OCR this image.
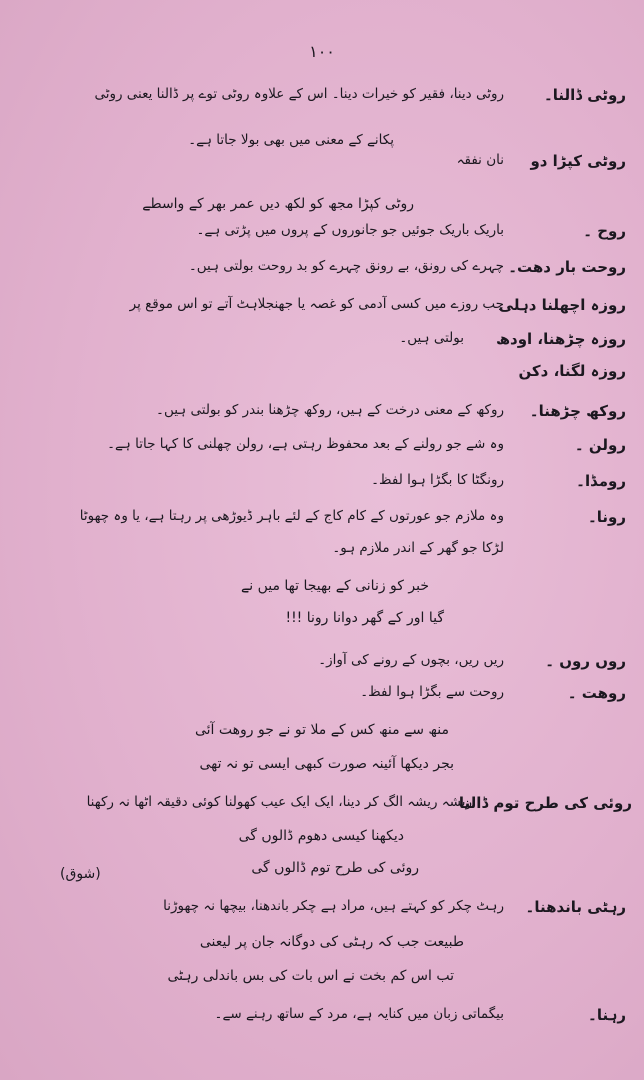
۱۰۰
روٹی ڈالنا۔
روٹی دینا، فقیر کو خیرات دینا۔ اس کے علاوہ روٹی توے پر ڈالنا یعنی روٹی
پکانے کے معنی میں بھی بولا جاتا ہے۔
روٹی کپڑا دو
نان نفقہ
روٹی کپڑا مجھ کو لکھ دیں عمر بھر کے واسطے
روح ۔
باریک باریک جوئیں جو جانوروں کے پروں میں پڑتی ہے۔
روحت بار دھت۔
چہرے کی رونق، بے رونق چہرے کو بد روحت بولتی ہیں۔
روزہ اچھلنا دہلی
جب روزے میں کسی آدمی کو غصہ یا جھنجلاہٹ آتے تو اس موقع پر
روزہ چڑھنا، اودھ
بولتی ہیں۔
روزہ لگنا، دکن
روکھ چڑھنا۔
روکھ کے معنی درخت کے ہیں، روکھ چڑھنا بندر کو بولتی ہیں۔
رولن ۔
وہ شے جو رولنے کے بعد محفوظ رہتی ہے، رولن چھلنی کا کہا جاتا ہے۔
رومڈا۔
رونگٹا کا بگڑا ہوا لفظ۔
رونا۔
وہ ملازم جو عورتوں کے کام کاج کے لئے باہر ڈیوڑھی پر رہتا ہے، یا وہ چھوٹا
لڑکا جو گھر کے اندر ملازم ہو۔
خبر کو زنانی کے بھیجا تھا میں نے
گیا اور کے گھر دوانا رونا !!!
روں روں ۔
ریں ریں، بچوں کے رونے کی آواز۔
روھت ۔
روحت سے بگڑا ہوا لفظ۔
منھ سے منھ کس کے ملا تو نے جو روھت آئی
بجر دیکھا آئینہ صورت کبھی ایسی تو نہ تھی
روئی کی طرح توم ڈالنا
ریشہ ریشہ الگ کر دینا، ایک ایک عیب کھولنا کوئی دقیقہ اٹھا نہ رکھنا
دیکھنا کیسی دھوم ڈالوں گی
روئی کی طرح توم ڈالوں گی
(شوق)
رہٹی باندھنا۔
رہٹ چکر کو کہتے ہیں، مراد ہے چکر باندھنا، بیچھا نہ چھوڑنا
طبیعت جب کہ رہٹی کی دوگانہ جان پر لیعنی
تب اس کم بخت نے اس بات کی بس باندلی رہٹی
رہنا۔
بیگماتی زبان میں کنایہ ہے، مرد کے ساتھ رہنے سے۔
